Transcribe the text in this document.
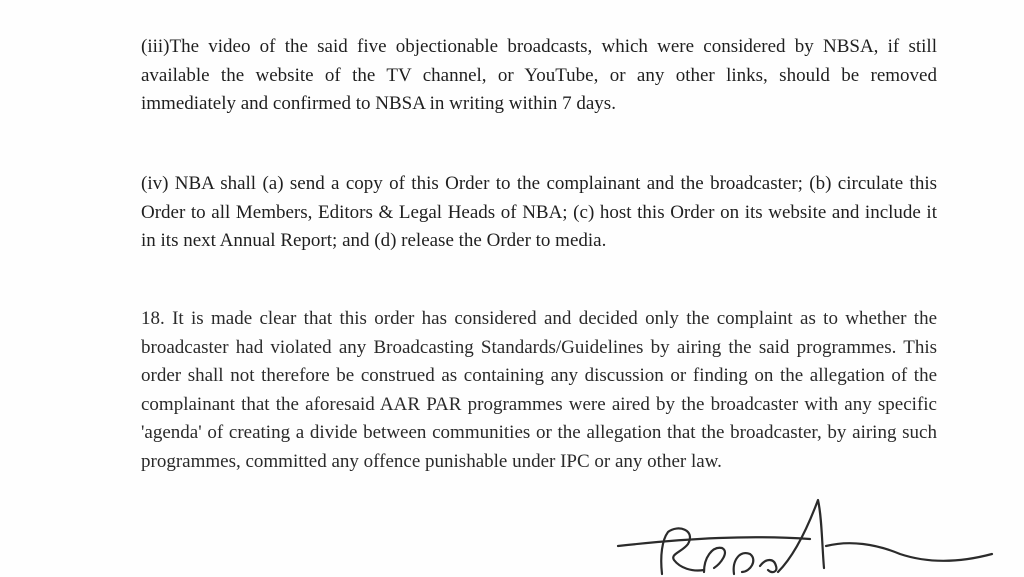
(iii)The video of the said five objectionable broadcasts, which were considered by NBSA, if still available the website of the TV channel, or YouTube, or any other links, should be removed immediately and confirmed to NBSA in writing within 7 days.

(iv) NBA shall (a) send a copy of this Order to the complainant and the broadcaster; (b) circulate this Order to all Members, Editors & Legal Heads of NBA; (c) host this Order on its website and include it in its next Annual Report; and (d) release the Order to media.

18. It is made clear that this order has considered and decided only the complaint as to whether the broadcaster had violated any Broadcasting Standards/Guidelines by airing the said programmes. This order shall not therefore be construed as containing any discussion or finding on the allegation of the complainant that the aforesaid AAR PAR programmes were aired by the broadcaster with any specific 'agenda' of creating a divide between communities or the allegation that the broadcaster, by airing such programmes, committed any offence punishable under IPC or any other law.
